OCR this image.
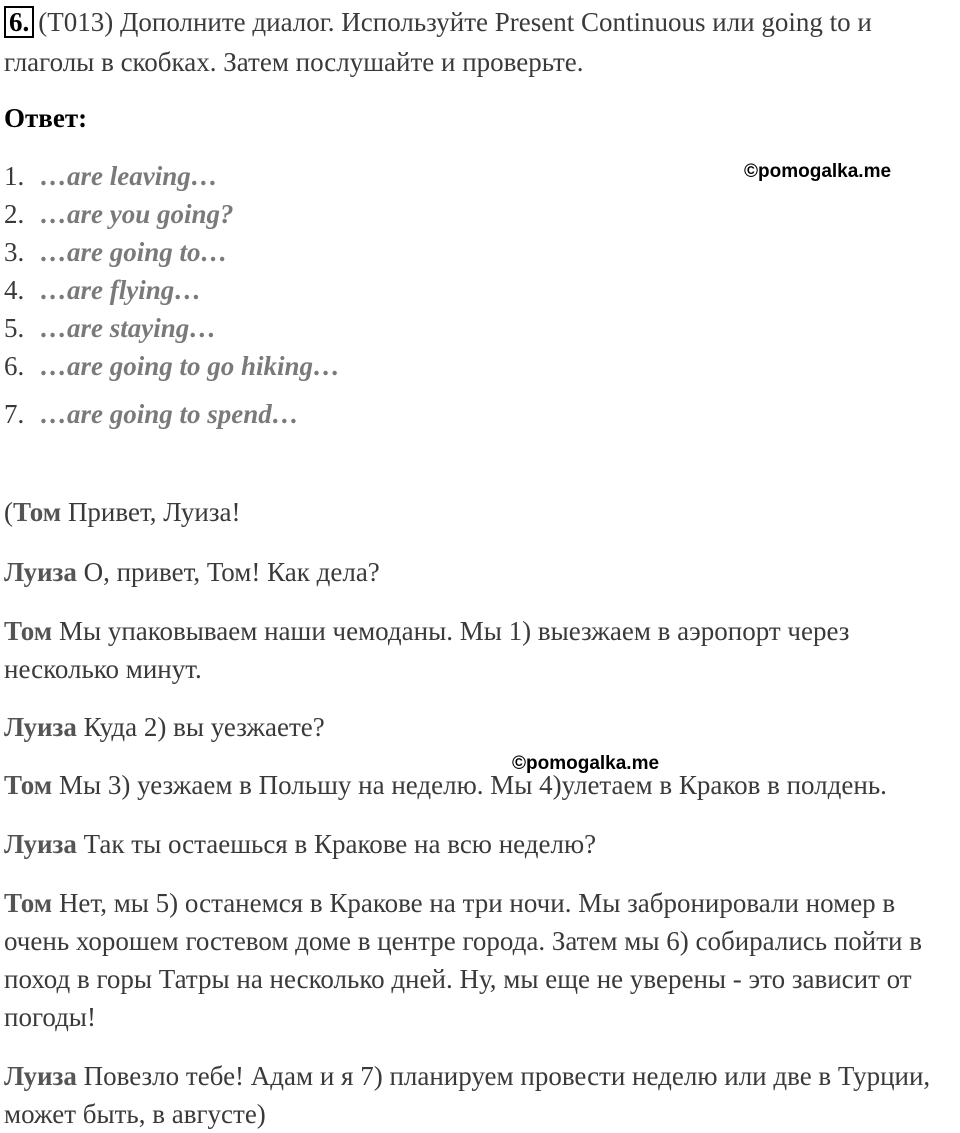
6. (T013) Дополните диалог. Используйте Present Continuous или going to и глаголы в скобках. Затем послушайте и проверьте.

Ответ:

1. …are leaving…
2. …are you going?
3. …are going to…
4. …are flying…
5. …are staying…
6. …are going to go hiking…
7. …are going to spend…

©pomogalka.me

©pomogalka.me

(Том Привет, Луиза!

Луиза О, привет, Том! Как дела?

Том Мы упаковываем наши чемоданы. Мы 1) выезжаем в аэропорт через несколько минут.

Луиза Куда 2) вы уезжаете?

Том Мы 3) уезжаем в Польшу на неделю. Мы 4)улетаем в Краков в полдень.

Луиза Так ты остаешься в Кракове на всю неделю?

Том Нет, мы 5) останемся в Кракове на три ночи. Мы забронировали номер в очень хорошем гостевом доме в центре города. Затем мы 6) собирались пойти в поход в горы Татры на несколько дней. Ну, мы еще не уверены - это зависит от погоды!

Луиза Повезло тебе! Адам и я 7) планируем провести неделю или две в Турции, может быть, в августе)
